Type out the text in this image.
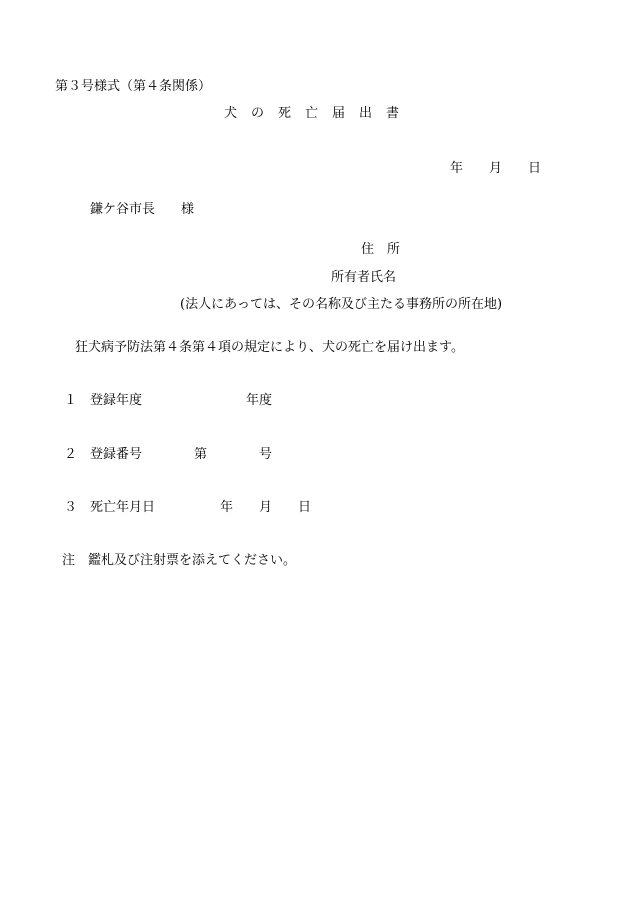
第３号様式（第４条関係）

犬　の　死　亡　届　出　書

年　　月　　日

鎌ケ谷市長　　様

住　所

所有者氏名

(法人にあっては、その名称及び主たる事務所の所在地)

狂犬病予防法第４条第４項の規定により、犬の死亡を届け出ます。

１　登録年度　　　　　　　　年度

２　登録番号　　　　第　　　　号

３　死亡年月日　　　　　年　　月　　日

注　鑑札及び注射票を添えてください。
